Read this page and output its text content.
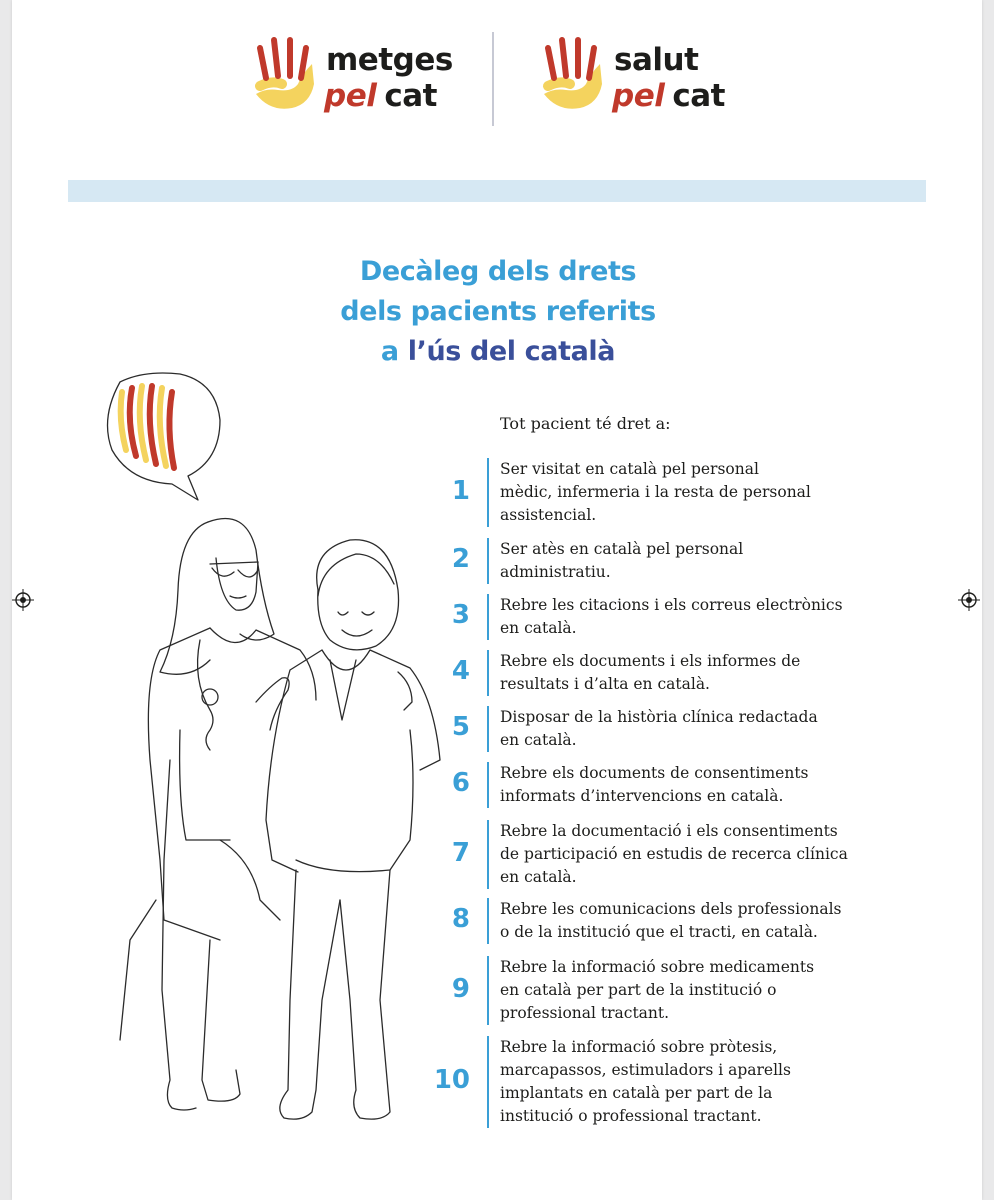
metges
pel cat
salut
pel cat
Decàleg dels drets
dels pacients referits
a l’ús del català
Tot pacient té dret a:
1
Ser visitat en català pel personal
mèdic, infermeria i la resta de personal
assistencial.
2 Ser atès en català pel personal
administratiu.
3 Rebre les citacions i els correus electrònics
en català.
4 Rebre els documents i els informes de
resultats i d’alta en català.
5 Disposar de la història clínica redactada
en català.
6 Rebre els documents de consentiments
informats d’intervencions en català.
7
Rebre la documentació i els consentiments
de participació en estudis de recerca clínica
en català.
8 Rebre les comunicacions dels professionals
o de la institució que el tracti, en català.
9
Rebre la informació sobre medicaments
en català per part de la institució o
professional tractant.
10
Rebre la informació sobre pròtesis,
marcapassos, estimuladors i aparells
implantats en català per part de la
institució o professional tractant.
